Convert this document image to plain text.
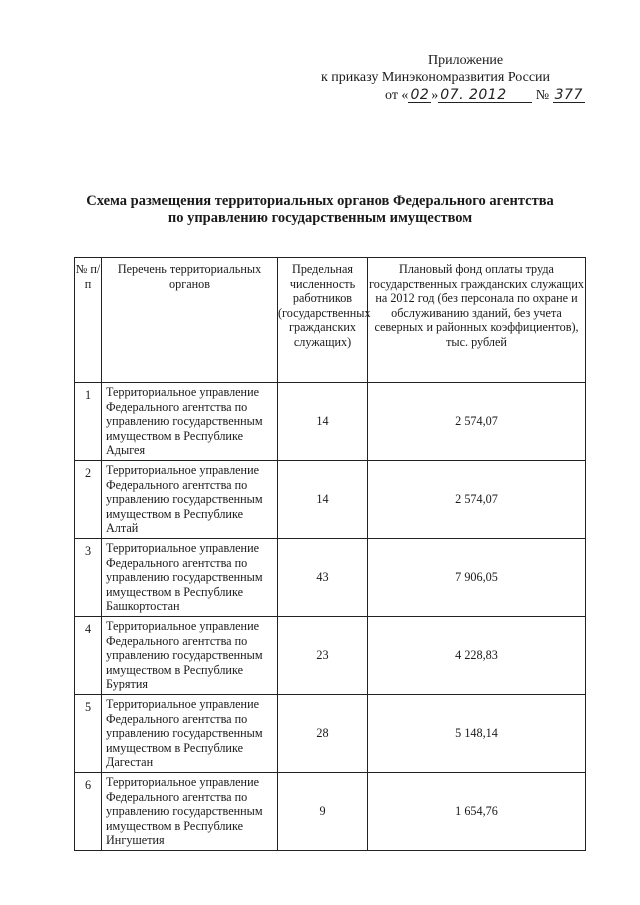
Приложение
к приказу Минэкономразвития России
от « 02 » 07. 2012 № 377
Схема размещения территориальных органов Федерального агентства
по управлению государственным имуществом
№ п/п	Перечень территориальных органов	Предельная численность работников (государственных гражданских служащих)	Плановый фонд оплаты труда государственных гражданских служащих на 2012 год (без персонала по охране и обслуживанию зданий, без учета северных и районных коэффициентов), тыс. рублей
1	Территориальное управление Федерального агентства по управлению государственным имуществом в Республике Адыгея	14	2 574,07
2	Территориальное управление Федерального агентства по управлению государственным имуществом в Республике Алтай	14	2 574,07
3	Территориальное управление Федерального агентства по управлению государственным имуществом в Республике Башкортостан	43	7 906,05
4	Территориальное управление Федерального агентства по управлению государственным имуществом в Республике Бурятия	23	4 228,83
5	Территориальное управление Федерального агентства по управлению государственным имуществом в Республике Дагестан	28	5 148,14
6	Территориальное управление Федерального агентства по управлению государственным имуществом в Республике Ингушетия	9	1 654,76
